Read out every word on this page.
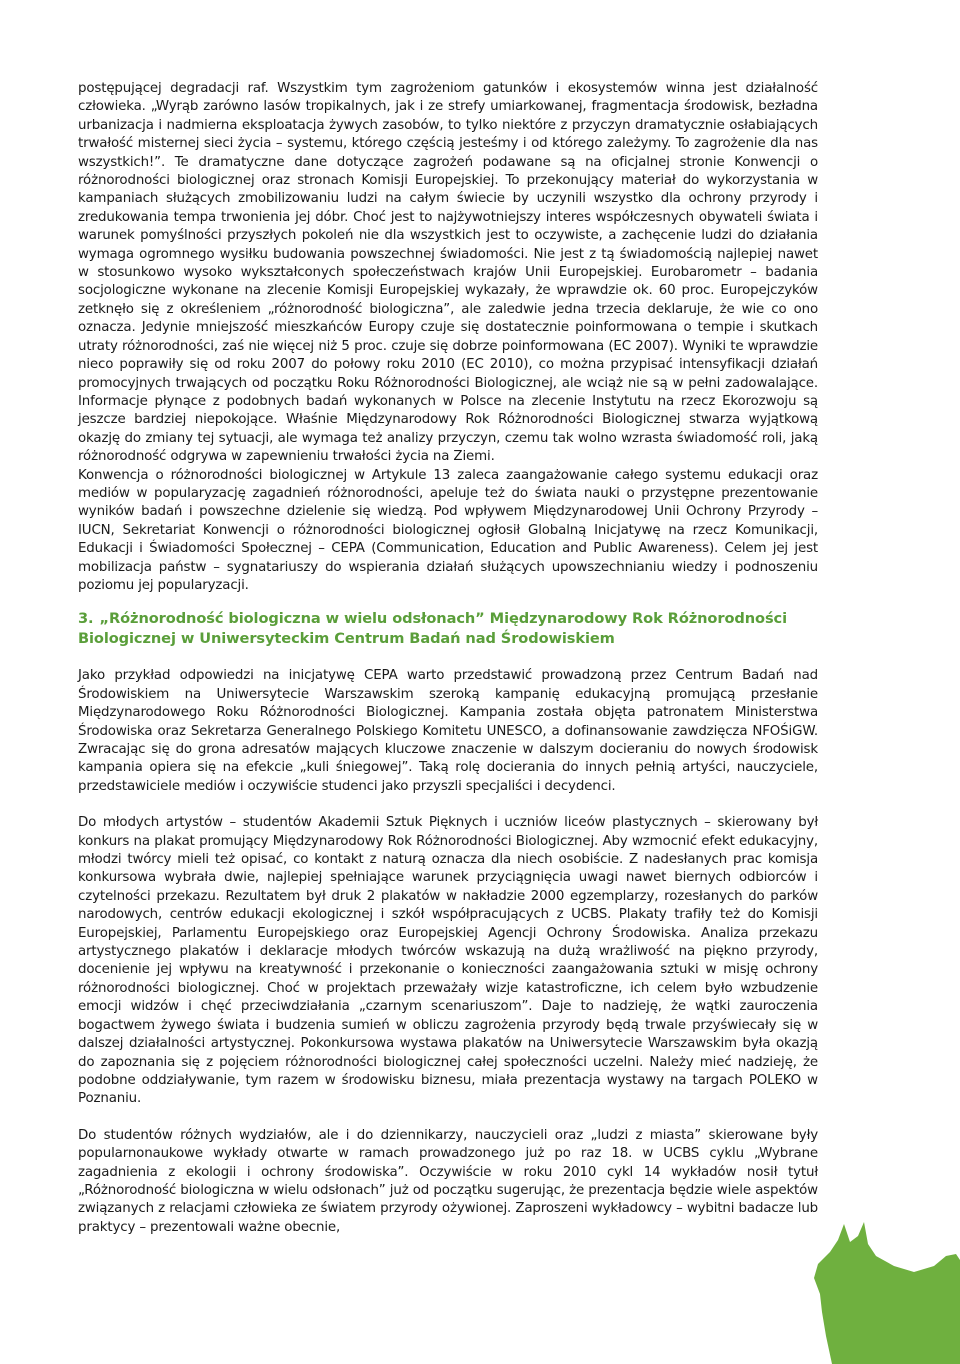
postępującej degradacji raf. Wszystkim tym zagrożeniom gatunków i ekosystemów winna jest działalność człowieka. „Wyrąb zarówno lasów tropikalnych, jak i ze strefy umiarkowanej, fragmentacja środowisk, bezładna urbanizacja i nadmierna eksploatacja żywych zasobów, to tylko niektóre z przyczyn dramatycznie osłabiających trwałość misternej sieci życia – systemu, którego częścią jesteśmy i od którego zależymy. To zagrożenie dla nas wszystkich!”. Te dramatyczne dane dotyczące zagrożeń podawane są na oficjalnej stronie Konwencji o różnorodności biologicznej oraz stronach Komisji Europejskiej. To przekonujący materiał do wykorzystania w kampaniach służących zmobilizowaniu ludzi na całym świecie by uczynili wszystko dla ochrony przyrody i zredukowania tempa trwonienia jej dóbr. Choć jest to najżywotniejszy interes współczesnych obywateli świata i warunek pomyślności przyszłych pokoleń nie dla wszystkich jest to oczywiste, a zachęcenie ludzi do działania wymaga ogromnego wysiłku budowania powszechnej świadomości. Nie jest z tą świadomością najlepiej nawet w stosunkowo wysoko wykształconych społeczeństwach krajów Unii Europejskiej. Eurobarometr – badania socjologiczne wykonane na zlecenie Komisji Europejskiej wykazały, że wprawdzie ok. 60 proc. Europejczyków zetknęło się z określeniem „różnorodność biologiczna”, ale zaledwie jedna trzecia deklaruje, że wie co ono oznacza. Jedynie mniejszość mieszkańców Europy czuje się dostatecznie poinformowana o tempie i skutkach utraty różnorodności, zaś nie więcej niż 5 proc. czuje się dobrze poinformowana (EC 2007). Wyniki te wprawdzie nieco poprawiły się od roku 2007 do połowy roku 2010 (EC 2010), co można przypisać intensyfikacji działań promocyjnych trwających od początku Roku Różnorodności Biologicznej, ale wciąż nie są w pełni zadowalające. Informacje płynące z podobnych badań wykonanych w Polsce na zlecenie Instytutu na rzecz Ekorozwoju są jeszcze bardziej niepokojące. Właśnie Międzynarodowy Rok Różnorodności Biologicznej stwarza wyjątkową okazję do zmiany tej sytuacji, ale wymaga też analizy przyczyn, czemu tak wolno wzrasta świadomość roli, jaką różnorodność odgrywa w zapewnieniu trwałości życia na Ziemi.

Konwencja o różnorodności biologicznej w Artykule 13 zaleca zaangażowanie całego systemu edukacji oraz mediów w popularyzację zagadnień różnorodności, apeluje też do świata nauki o przystępne prezentowanie wyników badań i powszechne dzielenie się wiedzą. Pod wpływem Międzynarodowej Unii Ochrony Przyrody – IUCN, Sekretariat Konwencji o różnorodności biologicznej ogłosił Globalną Inicjatywę na rzecz Komunikacji, Edukacji i Świadomości Społecznej – CEPA (Communication, Education and Public Awareness). Celem jej jest mobilizacja państw – sygnatariuszy do wspierania działań służących upowszechnianiu wiedzy i podnoszeniu poziomu jej popularyzacji.

3. „Różnorodność biologiczna w wielu odsłonach” Międzynarodowy Rok Różnorodności Biologicznej w Uniwersyteckim Centrum Badań nad Środowiskiem

Jako przykład odpowiedzi na inicjatywę CEPA warto przedstawić prowadzoną przez Centrum Badań nad Środowiskiem na Uniwersytecie Warszawskim szeroką kampanię edukacyjną promującą przesłanie Międzynarodowego Roku Różnorodności Biologicznej. Kampania została objęta patronatem Ministerstwa Środowiska oraz Sekretarza Generalnego Polskiego Komitetu UNESCO, a dofinansowanie zawdzięcza NFOŚiGW. Zwracając się do grona adresatów mających kluczowe znaczenie w dalszym docieraniu do nowych środowisk kampania opiera się na efekcie „kuli śniegowej”. Taką rolę docierania do innych pełnią artyści, nauczyciele, przedstawiciele mediów i oczywiście studenci jako przyszli specjaliści i decydenci.

Do młodych artystów – studentów Akademii Sztuk Pięknych i uczniów liceów plastycznych – skierowany był konkurs na plakat promujący Międzynarodowy Rok Różnorodności Biologicznej. Aby wzmocnić efekt edukacyjny, młodzi twórcy mieli też opisać, co kontakt z naturą oznacza dla niech osobiście. Z nadesłanych prac komisja konkursowa wybrała dwie, najlepiej spełniające warunek przyciągnięcia uwagi nawet biernych odbiorców i czytelności przekazu. Rezultatem był druk 2 plakatów w nakładzie 2000 egzemplarzy, rozesłanych do parków narodowych, centrów edukacji ekologicznej i szkół współpracujących z UCBS. Plakaty trafiły też do Komisji Europejskiej, Parlamentu Europejskiego oraz Europejskiej Agencji Ochrony Środowiska. Analiza przekazu artystycznego plakatów i deklaracje młodych twórców wskazują na dużą wrażliwość na piękno przyrody, docenienie jej wpływu na kreatywność i przekonanie o konieczności zaangażowania sztuki w misję ochrony różnorodności biologicznej. Choć w projektach przeważały wizje katastroficzne, ich celem było wzbudzenie emocji widzów i chęć przeciwdziałania „czarnym scenariuszom”. Daje to nadzieję, że wątki zauroczenia bogactwem żywego świata i budzenia sumień w obliczu zagrożenia przyrody będą trwale przyświecały się w dalszej działalności artystycznej. Pokonkursowa wystawa plakatów na Uniwersytecie Warszawskim była okazją do zapoznania się z pojęciem różnorodności biologicznej całej społeczności uczelni. Należy mieć nadzieję, że podobne oddziaływanie, tym razem w środowisku biznesu, miała prezentacja wystawy na targach POLEKO w Poznaniu.

Do studentów różnych wydziałów, ale i do dziennikarzy, nauczycieli oraz „ludzi z miasta” skierowane były popularnonaukowe wykłady otwarte w ramach prowadzonego już po raz 18. w UCBS cyklu „Wybrane zagadnienia z ekologii i ochrony środowiska”. Oczywiście w roku 2010 cykl 14 wykładów nosił tytuł „Różnorodność biologiczna w wielu odsłonach” już od początku sugerując, że prezentacja będzie wiele aspektów związanych z relacjami człowieka ze światem przyrody ożywionej. Zaproszeni wykładowcy – wybitni badacze lub praktycy – prezentowali ważne obecnie,

15
